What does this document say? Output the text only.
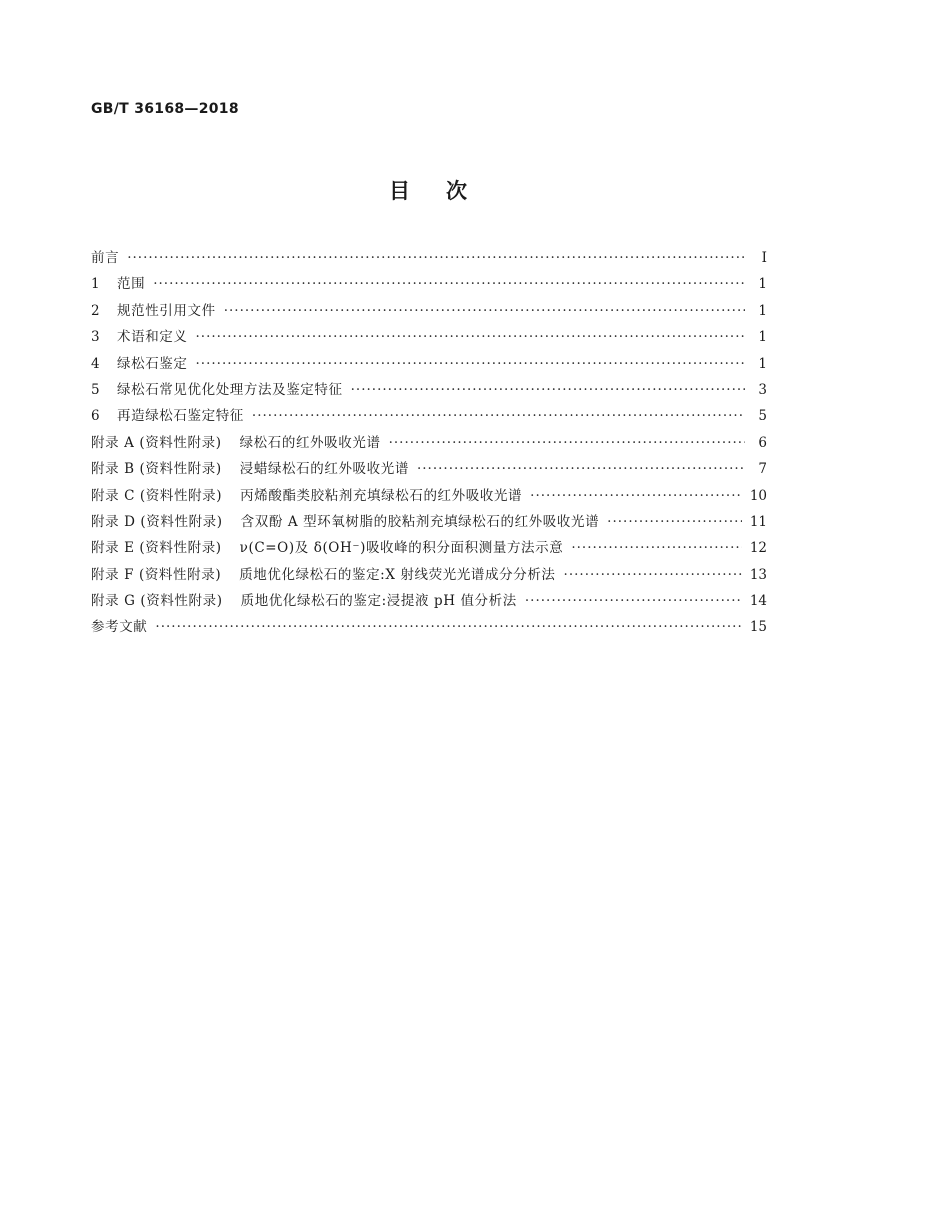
GB/T 36168—2018
目次
前言 ·····	Ⅰ
1	范围 ·····	1
2	规范性引用文件 ·····	1
3	术语和定义 ·····	1
4	绿松石鉴定 ·····	1
5	绿松石常见优化处理方法及鉴定特征 ·····	3
6	再造绿松石鉴定特征 ·····	5
附录 A (资料性附录) 绿松石的红外吸收光谱 ·····	6
附录 B (资料性附录) 浸蜡绿松石的红外吸收光谱 ·····	7
附录 C (资料性附录) 丙烯酸酯类胶粘剂充填绿松石的红外吸收光谱 ·····	10
附录 D (资料性附录) 含双酚 A 型环氧树脂的胶粘剂充填绿松石的红外吸收光谱 ·····	11
附录 E (资料性附录) ν(C=O)及 δ(OH⁻)吸收峰的积分面积测量方法示意 ·····	12
附录 F (资料性附录) 质地优化绿松石的鉴定:X 射线荧光光谱成分分析法 ·····	13
附录 G (资料性附录) 质地优化绿松石的鉴定:浸提液 pH 值分析法 ·····	14
参考文献 ·····	15
